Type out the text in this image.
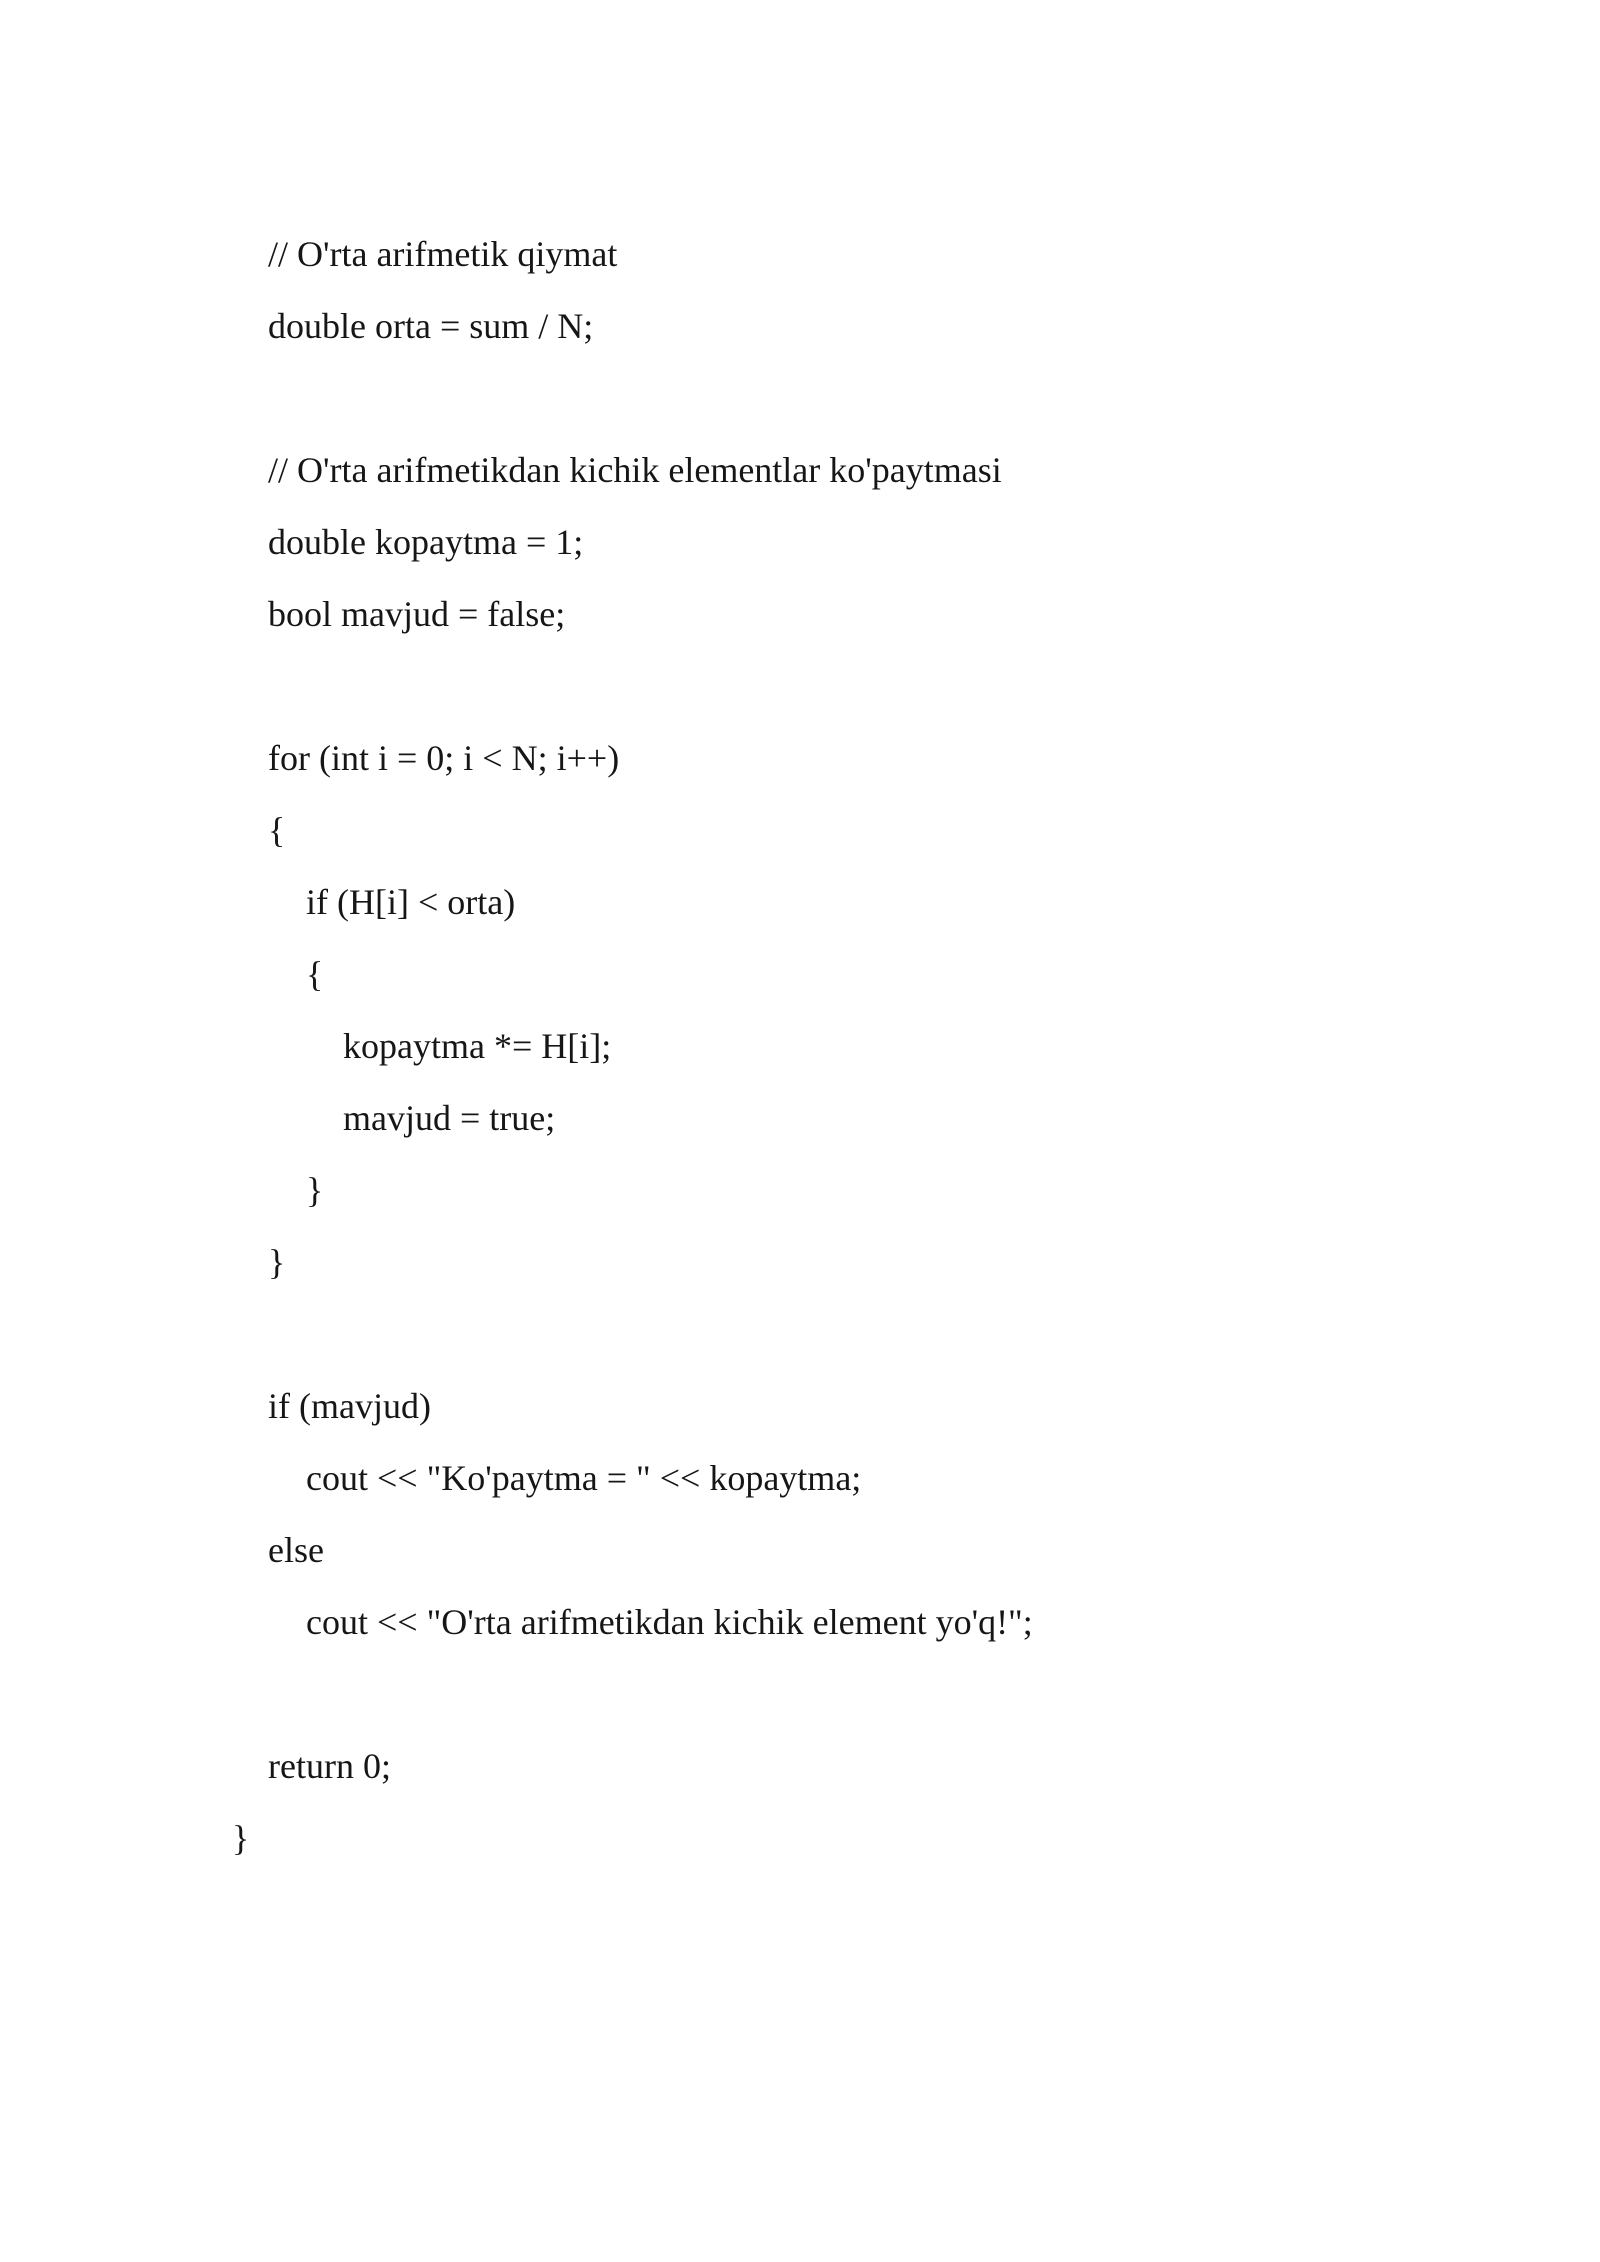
// O'rta arifmetik qiymat
double orta = sum / N;
// O'rta arifmetikdan kichik elementlar ko'paytmasi
double kopaytma = 1;
bool mavjud = false;
for (int i = 0; i < N; i++)
{
if (H[i] < orta)
{
kopaytma *= H[i];
mavjud = true;
}
}
if (mavjud)
cout << "Ko'paytma = " << kopaytma;
else
cout << "O'rta arifmetikdan kichik element yo'q!";
return 0;
}
